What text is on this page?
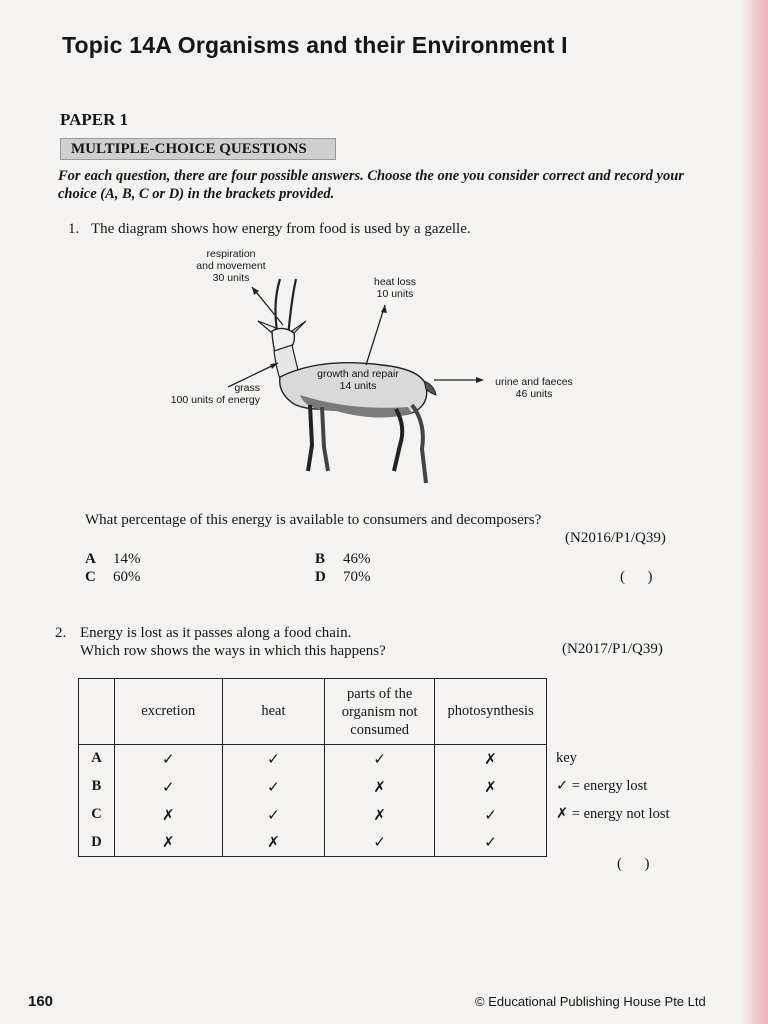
Topic 14A Organisms and their Environment I
PAPER 1
MULTIPLE-CHOICE QUESTIONS
For each question, there are four possible answers. Choose the one you consider correct and record your choice (A, B, C or D) in the brackets provided.
1. The diagram shows how energy from food is used by a gazelle.
respiration
and movement
30 units	heat loss
10 units
growth and repair
14 units
grass
100 units of energy
urine and faeces
46 units
What percentage of this energy is available to consumers and decomposers?
(N2016/P1/Q39)
A 14%	B 46%
C 60%	D 70%	(      )
2. Energy is lost as it passes along a food chain.
Which row shows the ways in which this happens?	(N2017/P1/Q39)
	excretion	heat	parts of the organism not consumed	photosynthesis
A	✓	✓	✓	✗
B	✓	✓	✗	✗
C	✗	✓	✗	✓
D	✗	✗	✓	✓
key
✓ = energy lost
✗ = energy not lost
(      )
160	© Educational Publishing House Pte Ltd
